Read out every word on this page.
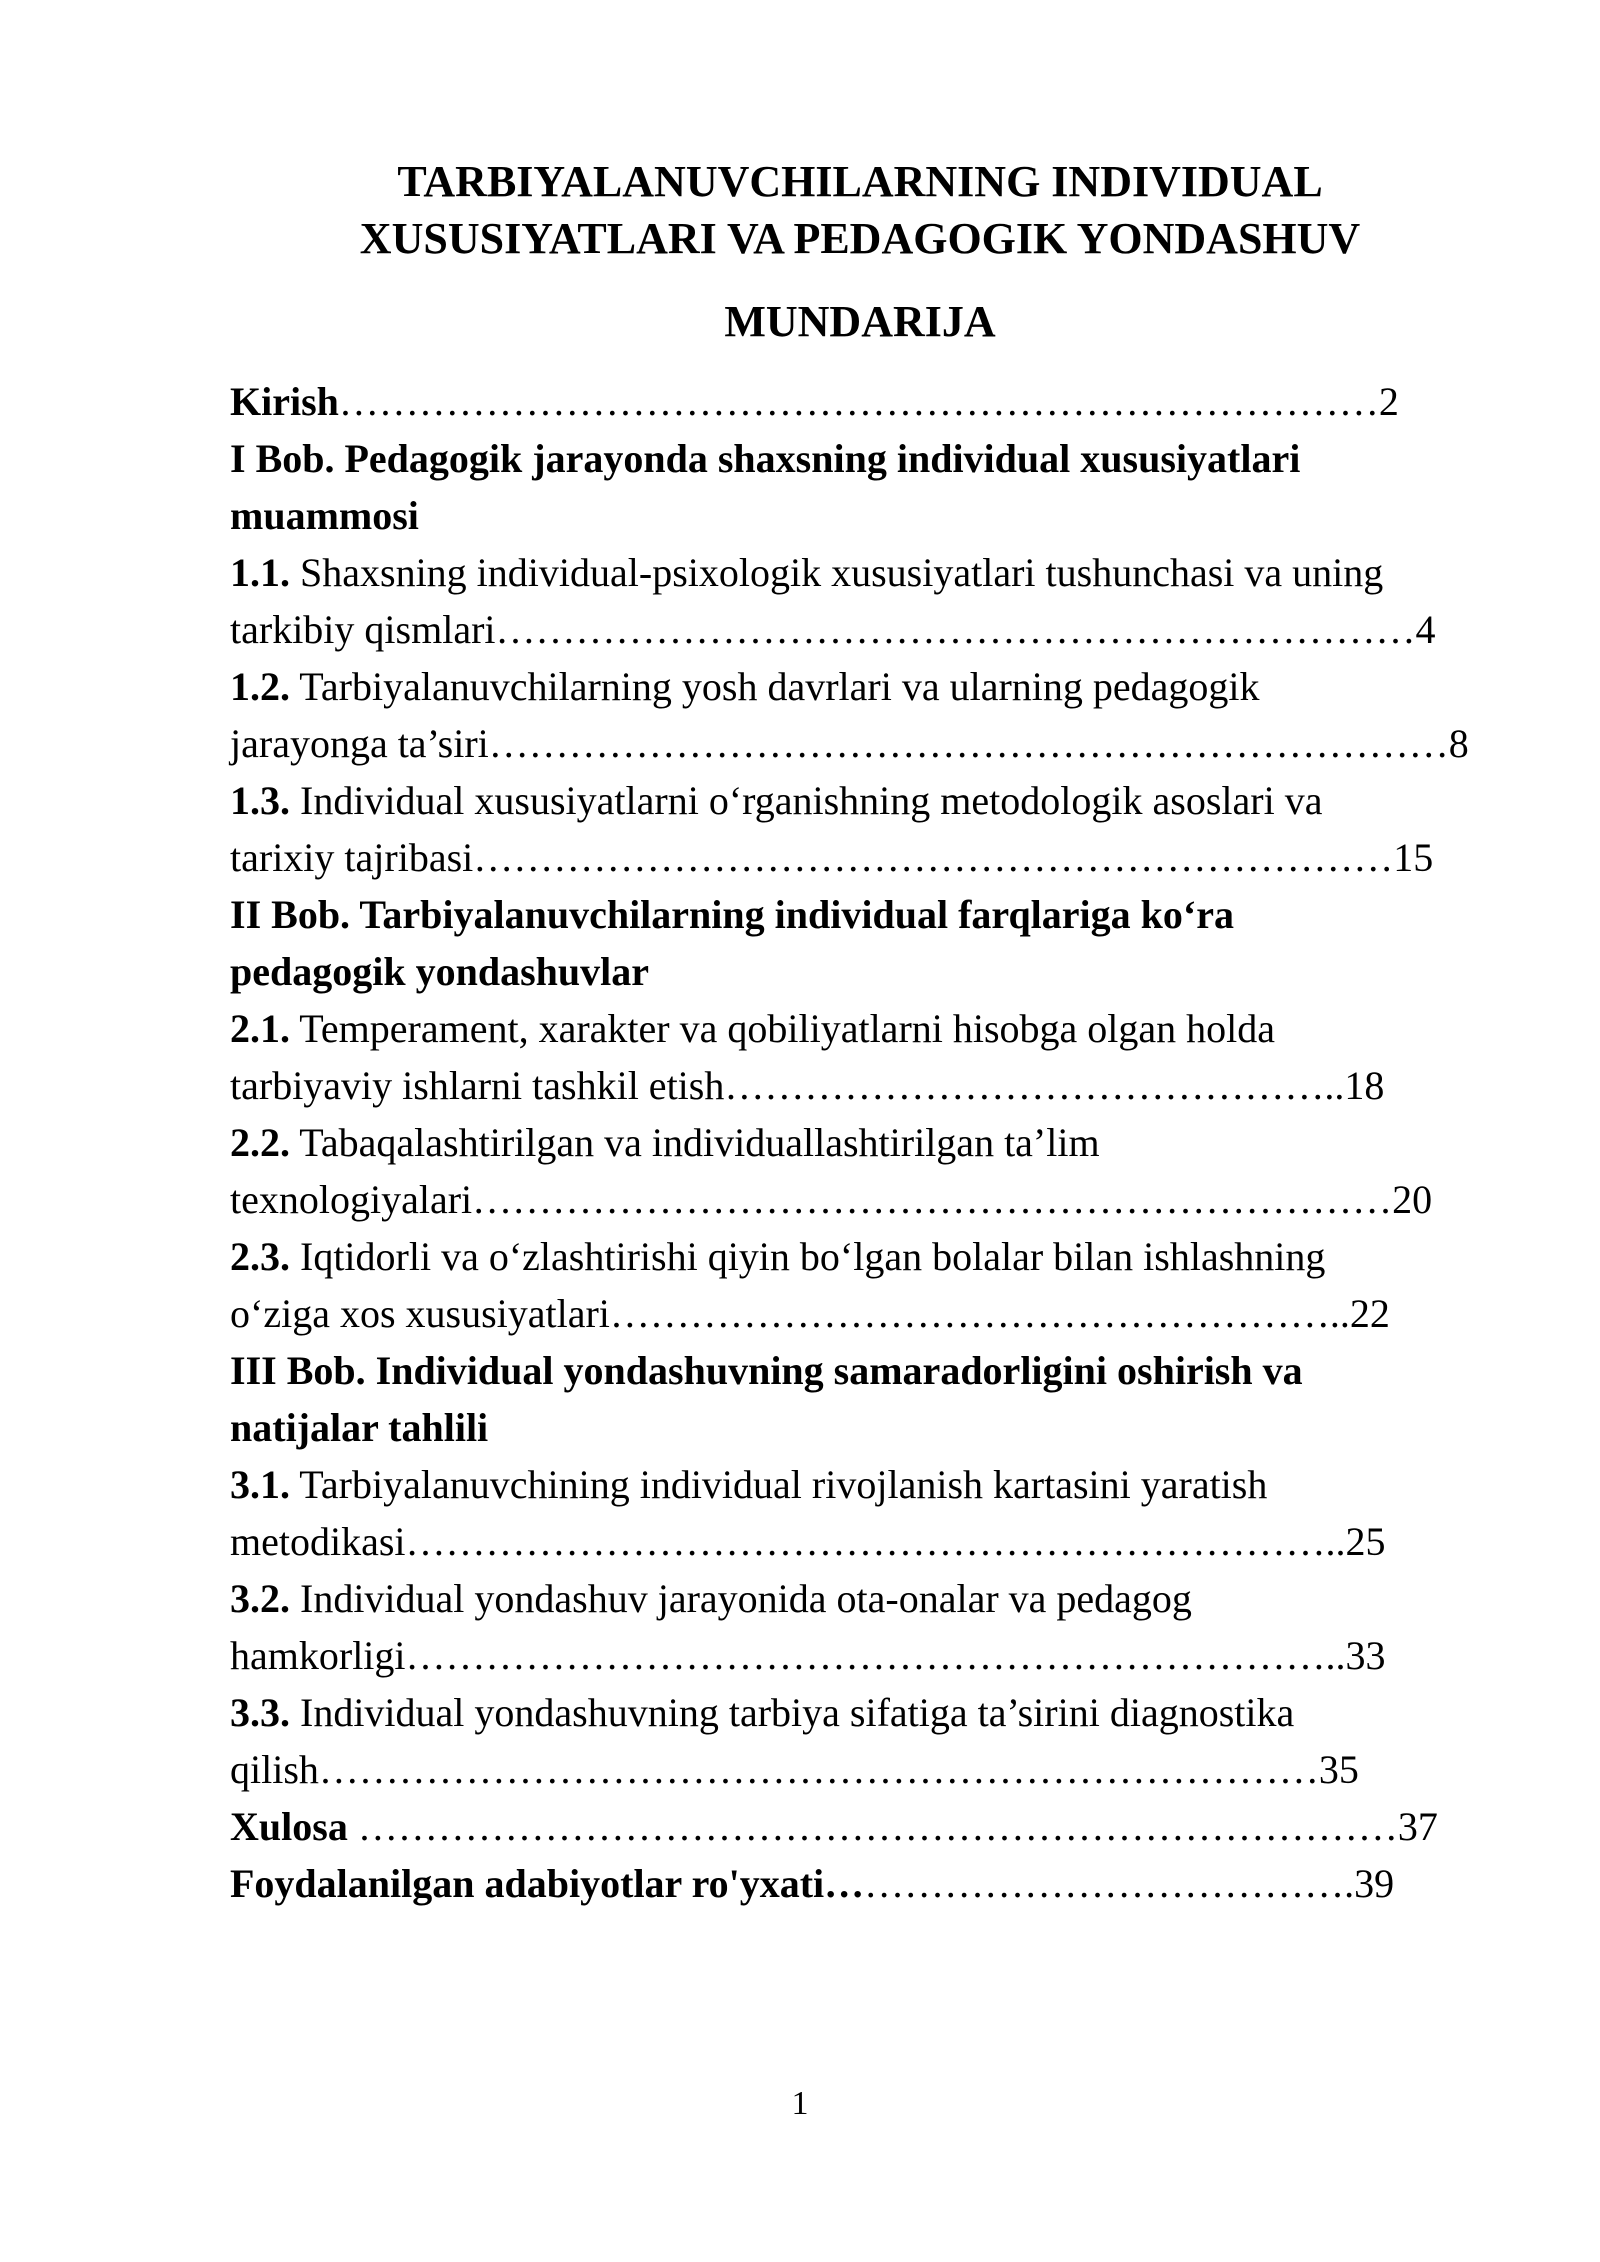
TARBIYALANUVCHILARNING INDIVIDUAL
XUSUSIYATLARI VA PEDAGOGIK YONDASHUV
MUNDARIJA
Kirish……………………………………………………………………2
I Bob. Pedagogik jarayonda shaxsning individual xususiyatlari
muammosi
1.1. Shaxsning individual-psixologik xususiyatlari tushunchasi va uning
tarkibiy qismlari……………………………………………………………4
1.2. Tarbiyalanuvchilarning yosh davrlari va ularning pedagogik
jarayonga ta’siri………………………………………………………………8
1.3. Individual xususiyatlarni o‘rganishning metodologik asoslari va
tarixiy tajribasi……………………………………………………………15
II Bob. Tarbiyalanuvchilarning individual farqlariga ko‘ra
pedagogik yondashuvlar
2.1. Temperament, xarakter va qobiliyatlarni hisobga olgan holda
tarbiyaviy ishlarni tashkil etish………………………………………..18
2.2. Tabaqalashtirilgan va individuallashtirilgan ta’lim
texnologiyalari……………………………………………………………20
2.3. Iqtidorli va o‘zlashtirishi qiyin bo‘lgan bolalar bilan ishlashning
o‘ziga xos xususiyatlari………………………………………………..22
III Bob. Individual yondashuvning samaradorligini oshirish va
natijalar tahlili
3.1. Tarbiyalanuvchining individual rivojlanish kartasini yaratish
metodikasi……………………………………………………………..25
3.2. Individual yondashuv jarayonida ota-onalar va pedagog
hamkorligi……………………………………………………………..33
3.3. Individual yondashuvning tarbiya sifatiga ta’sirini diagnostika
qilish…………………………………………………………………35
Xulosa ……………………………………………………………………37
Foydalanilgan adabiyotlar ro'yxati………………………………….39
1
